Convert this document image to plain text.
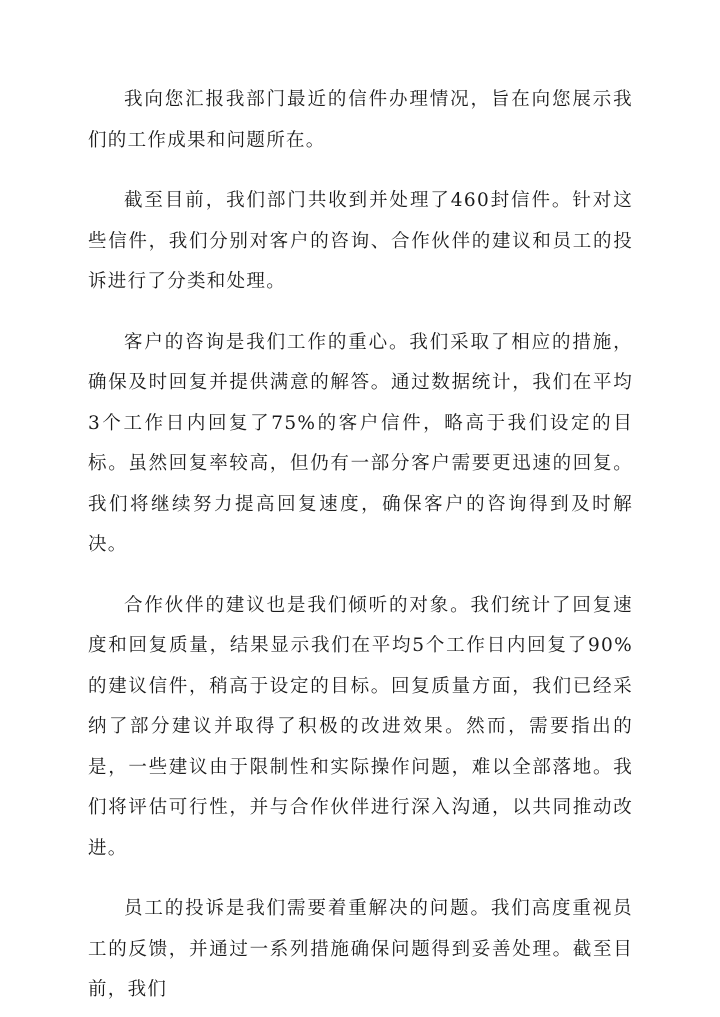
我向您汇报我部门最近的信件办理情况，旨在向您展示我们的工作成果和问题所在。

截至目前，我们部门共收到并处理了460封信件。针对这些信件，我们分别对客户的咨询、合作伙伴的建议和员工的投诉进行了分类和处理。

客户的咨询是我们工作的重心。我们采取了相应的措施，确保及时回复并提供满意的解答。通过数据统计，我们在平均3个工作日内回复了75%的客户信件，略高于我们设定的目标。虽然回复率较高，但仍有一部分客户需要更迅速的回复。我们将继续努力提高回复速度，确保客户的咨询得到及时解决。

合作伙伴的建议也是我们倾听的对象。我们统计了回复速度和回复质量，结果显示我们在平均5个工作日内回复了90%的建议信件，稍高于设定的目标。回复质量方面，我们已经采纳了部分建议并取得了积极的改进效果。然而，需要指出的是，一些建议由于限制性和实际操作问题，难以全部落地。我们将评估可行性，并与合作伙伴进行深入沟通，以共同推动改进。

员工的投诉是我们需要着重解决的问题。我们高度重视员工的反馈，并通过一系列措施确保问题得到妥善处理。截至目前，我们
